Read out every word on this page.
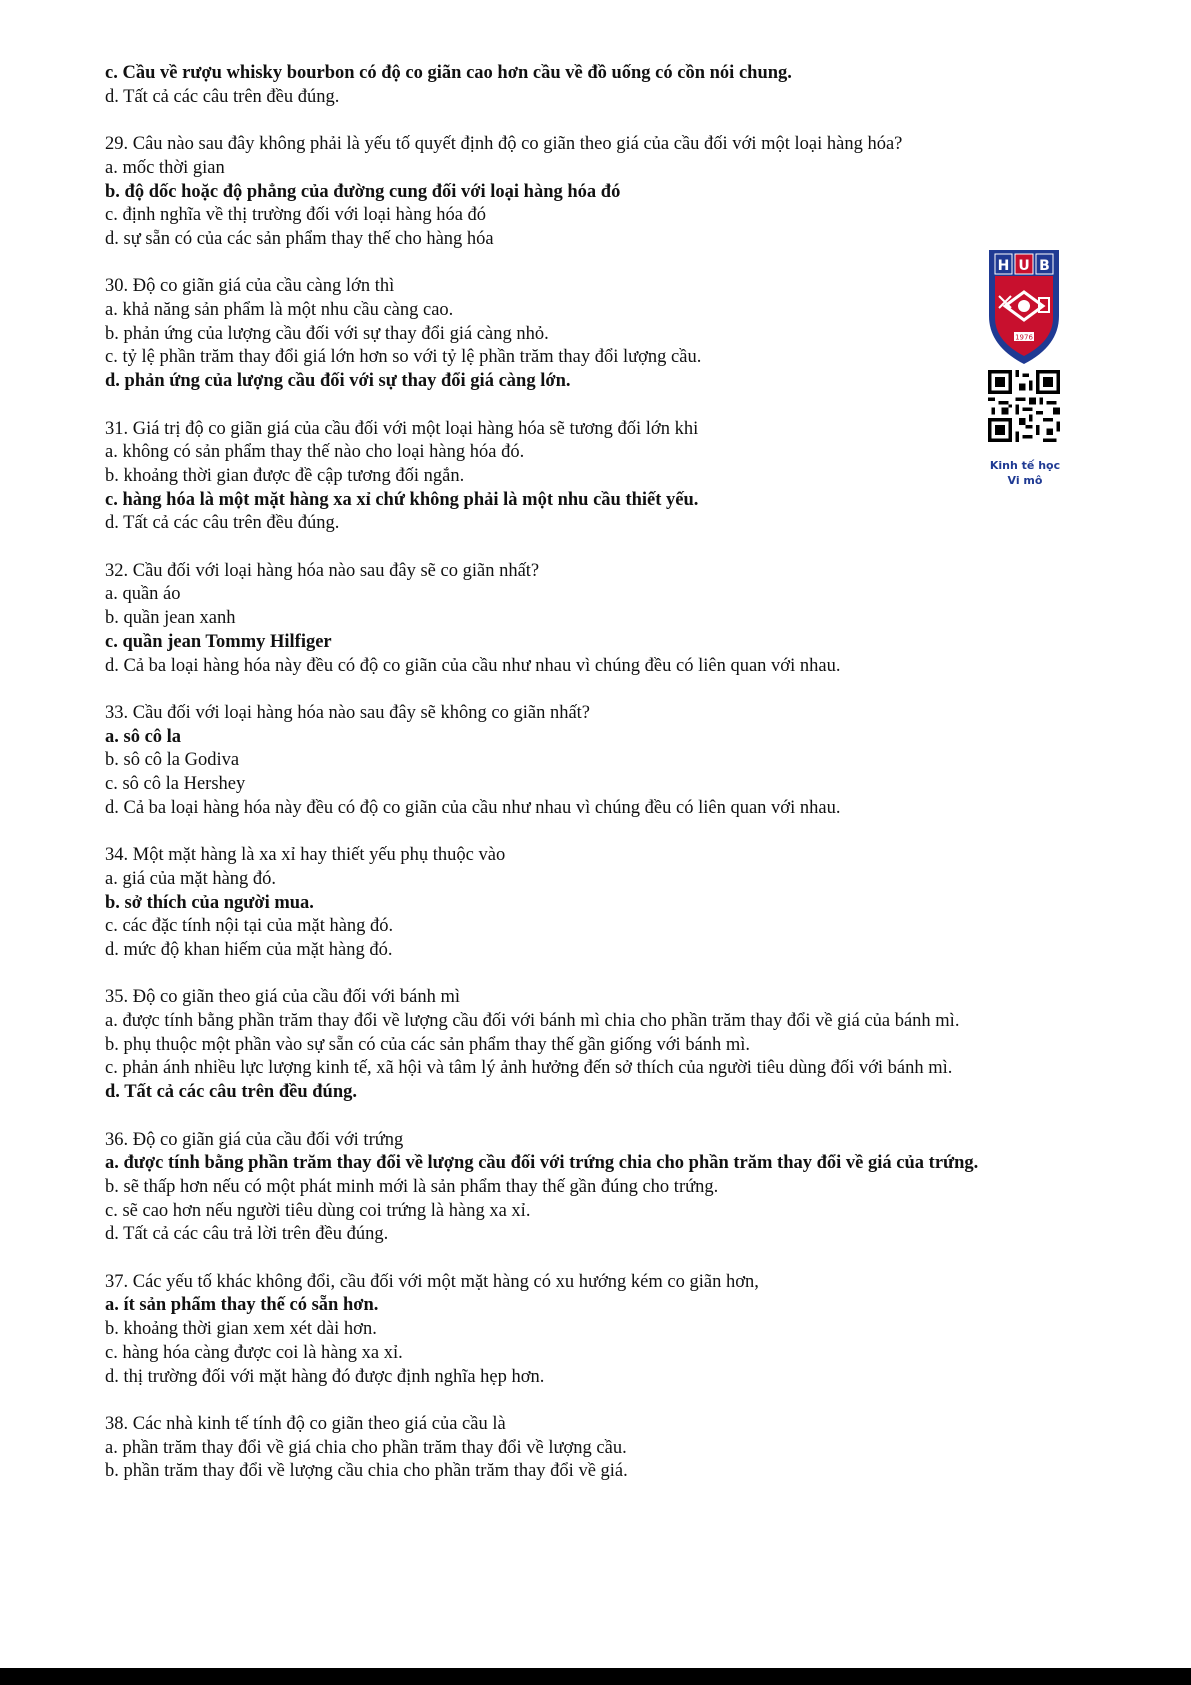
c. Cầu về rượu whisky bourbon có độ co giãn cao hơn cầu về đồ uống có cồn nói chung.
d. Tất cả các câu trên đều đúng.
29. Câu nào sau đây không phải là yếu tố quyết định độ co giãn theo giá của cầu đối với một loại hàng hóa?
a. mốc thời gian
b. độ dốc hoặc độ phẳng của đường cung đối với loại hàng hóa đó
c. định nghĩa về thị trường đối với loại hàng hóa đó
d. sự sẵn có của các sản phẩm thay thế cho hàng hóa
30. Độ co giãn giá của cầu càng lớn thì
a. khả năng sản phẩm là một nhu cầu càng cao.
b. phản ứng của lượng cầu đối với sự thay đổi giá càng nhỏ.
c. tỷ lệ phần trăm thay đổi giá lớn hơn so với tỷ lệ phần trăm thay đổi lượng cầu.
d. phản ứng của lượng cầu đối với sự thay đổi giá càng lớn.
31. Giá trị độ co giãn giá của cầu đối với một loại hàng hóa sẽ tương đối lớn khi
a. không có sản phẩm thay thế nào cho loại hàng hóa đó.
b. khoảng thời gian được đề cập tương đối ngắn.
c. hàng hóa là một mặt hàng xa xỉ chứ không phải là một nhu cầu thiết yếu.
d. Tất cả các câu trên đều đúng.
32. Cầu đối với loại hàng hóa nào sau đây sẽ co giãn nhất?
a. quần áo
b. quần jean xanh
c. quần jean Tommy Hilfiger
d. Cả ba loại hàng hóa này đều có độ co giãn của cầu như nhau vì chúng đều có liên quan với nhau.
33. Cầu đối với loại hàng hóa nào sau đây sẽ không co giãn nhất?
a. sô cô la
b. sô cô la Godiva
c. sô cô la Hershey
d. Cả ba loại hàng hóa này đều có độ co giãn của cầu như nhau vì chúng đều có liên quan với nhau.
34. Một mặt hàng là xa xỉ hay thiết yếu phụ thuộc vào
a. giá của mặt hàng đó.
b. sở thích của người mua.
c. các đặc tính nội tại của mặt hàng đó.
d. mức độ khan hiếm của mặt hàng đó.
35. Độ co giãn theo giá của cầu đối với bánh mì
a. được tính bằng phần trăm thay đổi về lượng cầu đối với bánh mì chia cho phần trăm thay đổi về giá của bánh mì.
b. phụ thuộc một phần vào sự sẵn có của các sản phẩm thay thế gần giống với bánh mì.
c. phản ánh nhiều lực lượng kinh tế, xã hội và tâm lý ảnh hưởng đến sở thích của người tiêu dùng đối với bánh mì.
d. Tất cả các câu trên đều đúng.
36. Độ co giãn giá của cầu đối với trứng
a. được tính bằng phần trăm thay đổi về lượng cầu đối với trứng chia cho phần trăm thay đổi về giá của trứng.
b. sẽ thấp hơn nếu có một phát minh mới là sản phẩm thay thế gần đúng cho trứng.
c. sẽ cao hơn nếu người tiêu dùng coi trứng là hàng xa xỉ.
d. Tất cả các câu trả lời trên đều đúng.
37. Các yếu tố khác không đổi, cầu đối với một mặt hàng có xu hướng kém co giãn hơn,
a. ít sản phẩm thay thế có sẵn hơn.
b. khoảng thời gian xem xét dài hơn.
c. hàng hóa càng được coi là hàng xa xỉ.
d. thị trường đối với mặt hàng đó được định nghĩa hẹp hơn.
38. Các nhà kinh tế tính độ co giãn theo giá của cầu là
a. phần trăm thay đổi về giá chia cho phần trăm thay đổi về lượng cầu.
b. phần trăm thay đổi về lượng cầu chia cho phần trăm thay đổi về giá.
H U B
1976
Kinh tế học
Vi mô
